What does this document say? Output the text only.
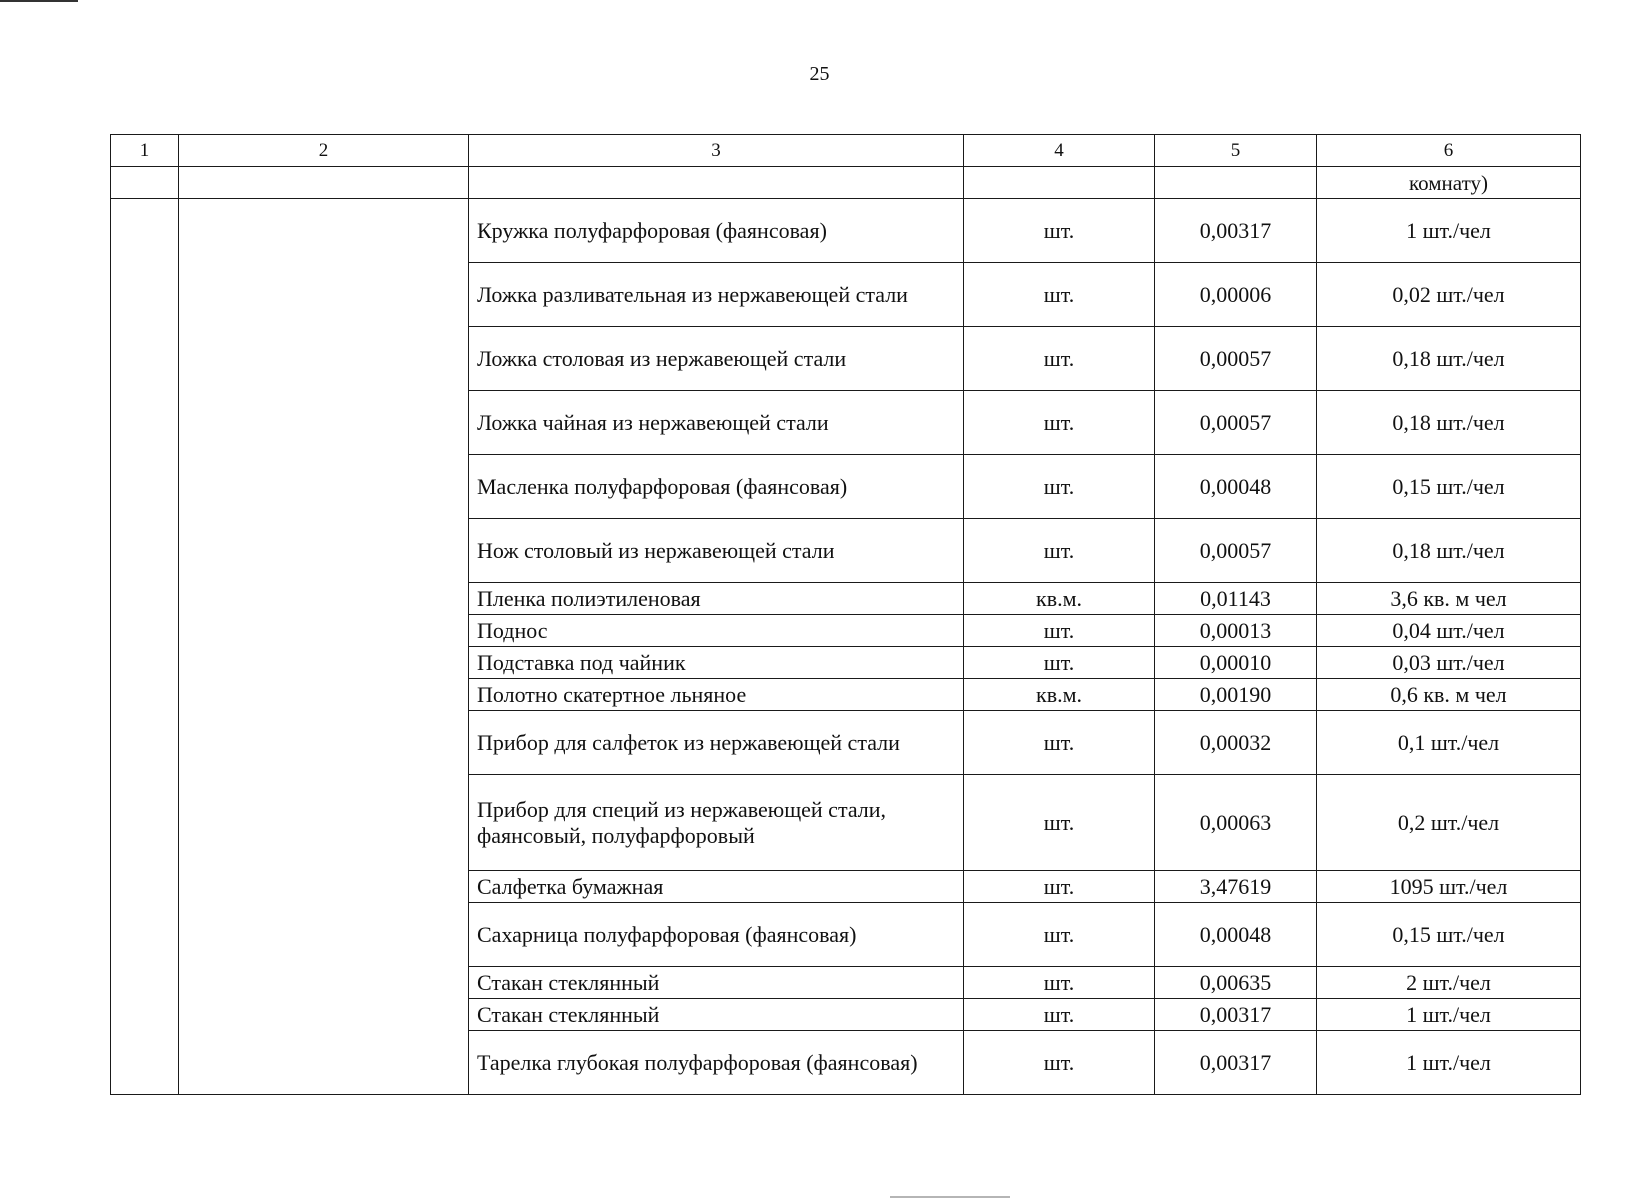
25
1	2	3	4	5	6
					комнату)
		Кружка полуфарфоровая (фаянсовая)	шт.	0,00317	1 шт./чел
		Ложка разливательная из нержавеющей стали	шт.	0,00006	0,02 шт./чел
		Ложка столовая из нержавеющей стали	шт.	0,00057	0,18 шт./чел
		Ложка чайная из нержавеющей стали	шт.	0,00057	0,18 шт./чел
		Масленка полуфарфоровая (фаянсовая)	шт.	0,00048	0,15 шт./чел
		Нож столовый из нержавеющей стали	шт.	0,00057	0,18 шт./чел
		Пленка полиэтиленовая	кв.м.	0,01143	3,6 кв. м чел
		Поднос	шт.	0,00013	0,04 шт./чел
		Подставка под чайник	шт.	0,00010	0,03 шт./чел
		Полотно скатертное льняное	кв.м.	0,00190	0,6 кв. м чел
		Прибор для салфеток из нержавеющей стали	шт.	0,00032	0,1 шт./чел
		Прибор для специй из нержавеющей стали, фаянсовый, полуфарфоровый	шт.	0,00063	0,2 шт./чел
		Салфетка бумажная	шт.	3,47619	1095 шт./чел
		Сахарница полуфарфоровая (фаянсовая)	шт.	0,00048	0,15 шт./чел
		Стакан стеклянный	шт.	0,00635	2 шт./чел
		Стакан стеклянный	шт.	0,00317	1 шт./чел
		Тарелка глубокая полуфарфоровая (фаянсовая)	шт.	0,00317	1 шт./чел
